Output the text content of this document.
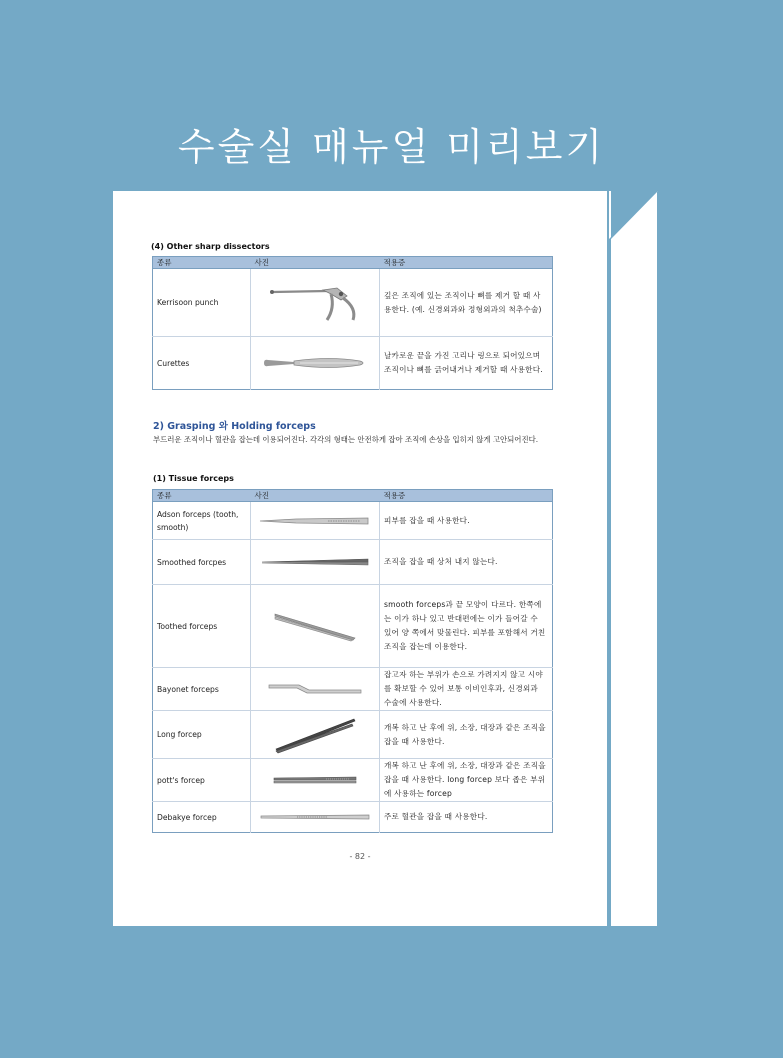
수술실 매뉴얼 미리보기
(4) Other sharp dissectors
종류	사진	적용증
Kerrisoon punch		깊은 조직에 있는 조직이나 뼈를 제거 할 때 사용한다. (예. 신경외과와 정형외과의 척추수술)
Curettes		날카로운 끝을 가진 고리나 링으로 되어있으며 조직이나 뼈를 긁어내거나 제거할 때 사용한다.
2) Grasping 와 Holding forceps
부드러운 조직이나 혈관을 잡는데 이용되어진다. 각각의 형태는 안전하게 잡아 조직에 손상을 입히지 않게 고안되어진다.
(1) Tissue forceps
종류	사진	적용증
Adson forceps (tooth, smooth)		피부를 잡을 때 사용한다.
Smoothed forcpes		조직을 잡을 때 상처 내지 않는다.
Toothed forceps		smooth forceps과 끝 모양이 다르다. 한쪽에는 이가 하나 있고 반대편에는 이가 들어갈 수 있어 양 쪽에서 맞물린다. 피부를 포함해서 거친 조직을 잡는데 이용한다.
Bayonet forceps		잡고자 하는 부위가 손으로 가려지지 않고 시야를 확보할 수 있어 보통 이비인후과, 신경외과 수술에 사용한다.
Long forcep		개복 하고 난 후에 위, 소장, 대장과 같은 조직을 잡을 때 사용한다.
pott's forcep		개복 하고 난 후에 위, 소장, 대장과 같은 조직을 잡을 때 사용한다. long forcep 보다 좁은 부위에 사용하는 forcep
Debakye forcep		주로 혈관을 잡을 때 사용한다.
- 82 -
